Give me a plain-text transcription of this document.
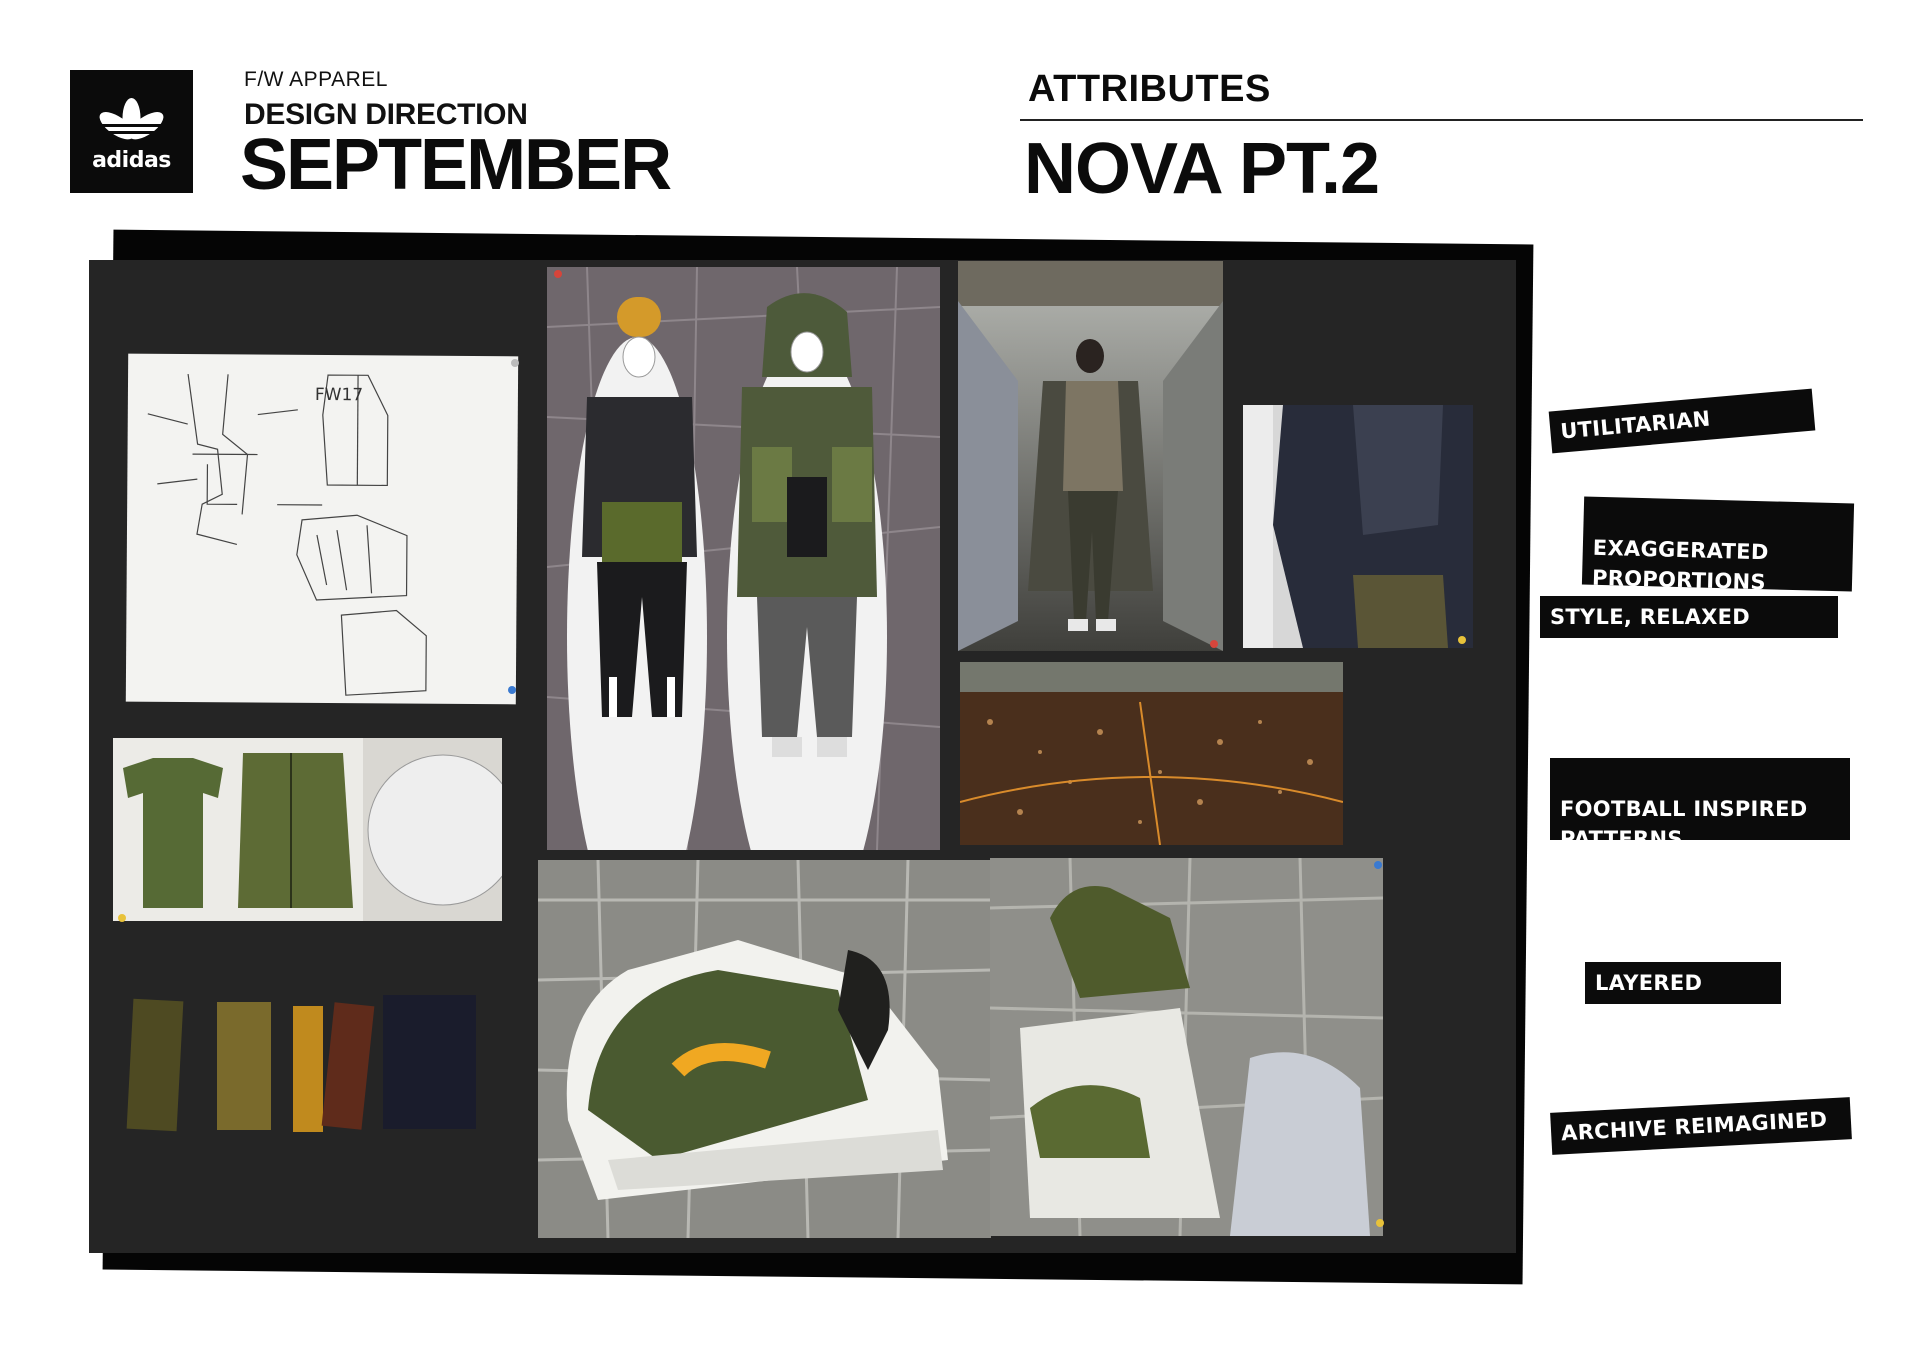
adidas
F/W APPAREL
DESIGN DIRECTION
SEPTEMBER
ATTRIBUTES
NOVA PT.2
FW17
UTILITARIAN

EXAGGERATED
PROPORTIONS

STYLE, RELAXED

FOOTBALL INSPIRED
PATTERNS

LAYERED
ARCHIVE REIMAGINED
